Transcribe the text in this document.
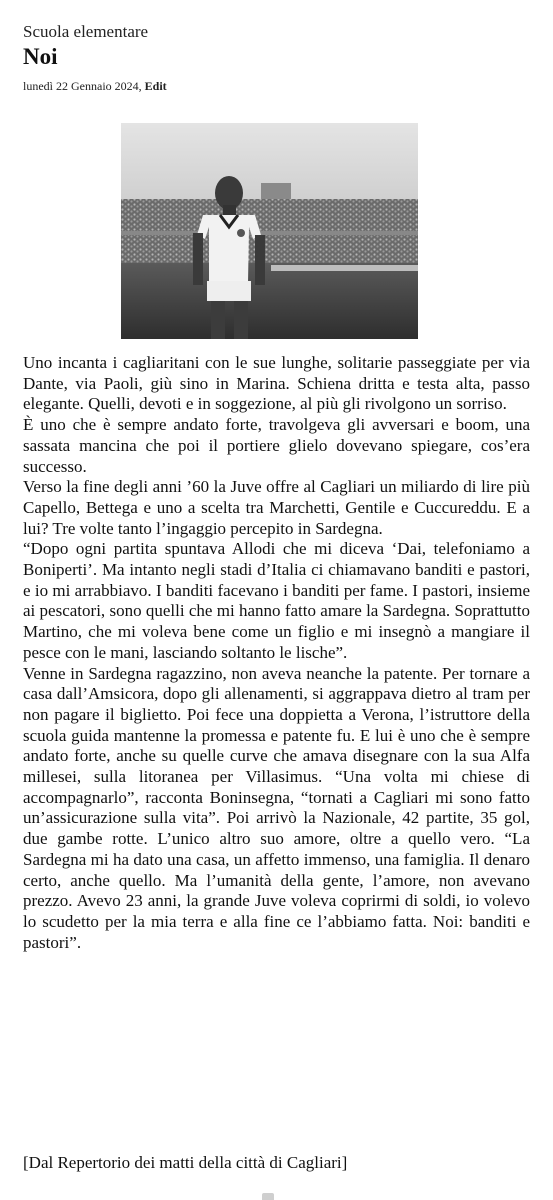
Scuola elementare
Noi
lunedì 22 Gennaio 2024, Edit

Uno incanta i cagliaritani con le sue lunghe, solitarie passeggiate per via Dante, via Paoli, giù sino in Marina. Schiena dritta e testa alta, passo elegante. Quelli, devoti e in soggezione, al più gli rivolgono un sorriso.

È uno che è sempre andato forte, travolgeva gli avversari e boom, una sassata mancina che poi il portiere glielo dovevano spiegare, cos’era successo.

Verso la fine degli anni ’60 la Juve offre al Cagliari un miliardo di lire più Capello, Bettega e uno a scelta tra Marchetti, Gentile e Cuccureddu. E a lui? Tre volte tanto l’ingaggio percepito in Sardegna.

“Dopo ogni partita spuntava Allodi che mi diceva ‘Dai, telefoniamo a Boniperti’. Ma intanto negli stadi d’Italia ci chiamavano banditi e pastori, e io mi arrabbiavo. I banditi facevano i banditi per fame. I pastori, insieme ai pescatori, sono quelli che mi hanno fatto amare la Sardegna. Soprattutto Martino, che mi voleva bene come un figlio e mi insegnò a mangiare il pesce con le mani, lasciando soltanto le lische”.

Venne in Sardegna ragazzino, non aveva neanche la patente. Per tornare a casa dall’Amsicora, dopo gli allenamenti, si aggrappava dietro al tram per non pagare il biglietto. Poi fece una doppietta a Verona, l’istruttore della scuola guida mantenne la promessa e patente fu. E lui è uno che è sempre andato forte, anche su quelle curve che amava disegnare con la sua Alfa millesei, sulla litoranea per Villasimus. “Una volta mi chiese di accompagnarlo”, racconta Boninsegna, “tornati a Cagliari mi sono fatto un’assicurazione sulla vita”. Poi arrivò la Nazionale, 42 partite, 35 gol, due gambe rotte. L’unico altro suo amore, oltre a quello vero. “La Sardegna mi ha dato una casa, un affetto immenso, una famiglia. Il denaro certo, anche quello. Ma l’umanità della gente, l’amore, non avevano prezzo. Avevo 23 anni, la grande Juve voleva coprirmi di soldi, io volevo lo scudetto per la mia terra e alla fine ce l’abbiamo fatta. Noi: banditi e pastori”.

[Dal Repertorio dei matti della città di Cagliari]
